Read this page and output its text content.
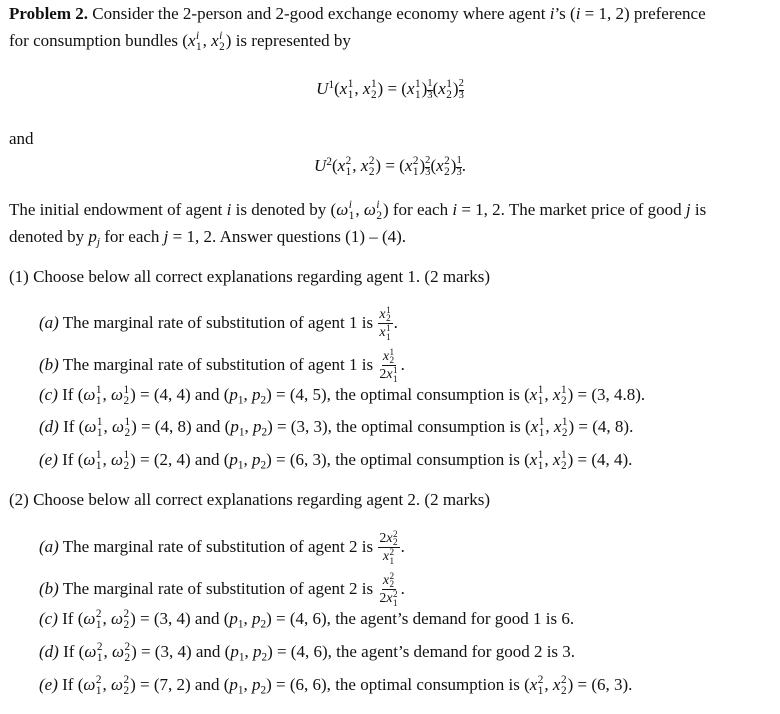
Problem 2. Consider the 2-person and 2-good exchange economy where agent i’s (i = 1, 2) preference
for consumption bundles (x i
1 , x i
2 ) is represented by
$U^1(x$ 1
1 , x 1
2 ) = (x 1
1 ) $\frac{1}{3} (x$ 1
2 ) $\frac{2}{3}$
and
$U^2(x$ 2
1 , x 2
2 ) = (x 2
1 ) $\frac{2}{3} (x$ 2
2 ) $\frac{1}{3}$ .
The initial endowment of agent i is denoted by (ω i
1 , ω i
2 ) for each i = 1, 2. The market price of good j is
denoted by $p_j$ for each j = 1, 2. Answer questions (1) – (4).
(1) Choose below all correct explanations regarding agent 1. (2 marks)
(a) The marginal rate of substitution of agent 1 is x 1
2
x 1
1 .
(b) The marginal rate of substitution of agent 1 is x 1
2
2x 1
1 .
(c) If (ω 1
1 , ω 1
2 ) = (4, 4) and ($p_1$, $p_2) = (4$, 5), the optimal consumption is (x 1
1 , x 1
2 ) = (3, 4.8).
(d) If (ω 1
1 , ω 1
2 ) = (4, 8) and ($p_1$, $p_2) = (3$, 3), the optimal consumption is (x 1
1 , x 1
2 ) = (4, 8).
(e) If (ω 1
1 , ω 1
2 ) = (2, 4) and ($p_1$, $p_2) = (6$, 3), the optimal consumption is (x 1
1 , x 1
2 ) = (4, 4).
(2) Choose below all correct explanations regarding agent 2. (2 marks)
(a) The marginal rate of substitution of agent 2 is 2x 2
2
x 2
1 .
(b) The marginal rate of substitution of agent 2 is x 2
2
2x 2
1 .
(c) If (ω 2
1 , ω 2
2 ) = (3, 4) and ($p_1$, $p_2) = (4$, 6), the agent’s demand for good 1 is 6.
(d) If (ω 2
1 , ω 2
2 ) = (3, 4) and ($p_1$, $p_2) = (4$, 6), the agent’s demand for good 2 is 3.
(e) If (ω 2
1 , ω 2
2 ) = (7, 2) and ($p_1$, $p_2) = (6$, 6), the optimal consumption is (x 2
1 , x 2
2 ) = (6, 3).
